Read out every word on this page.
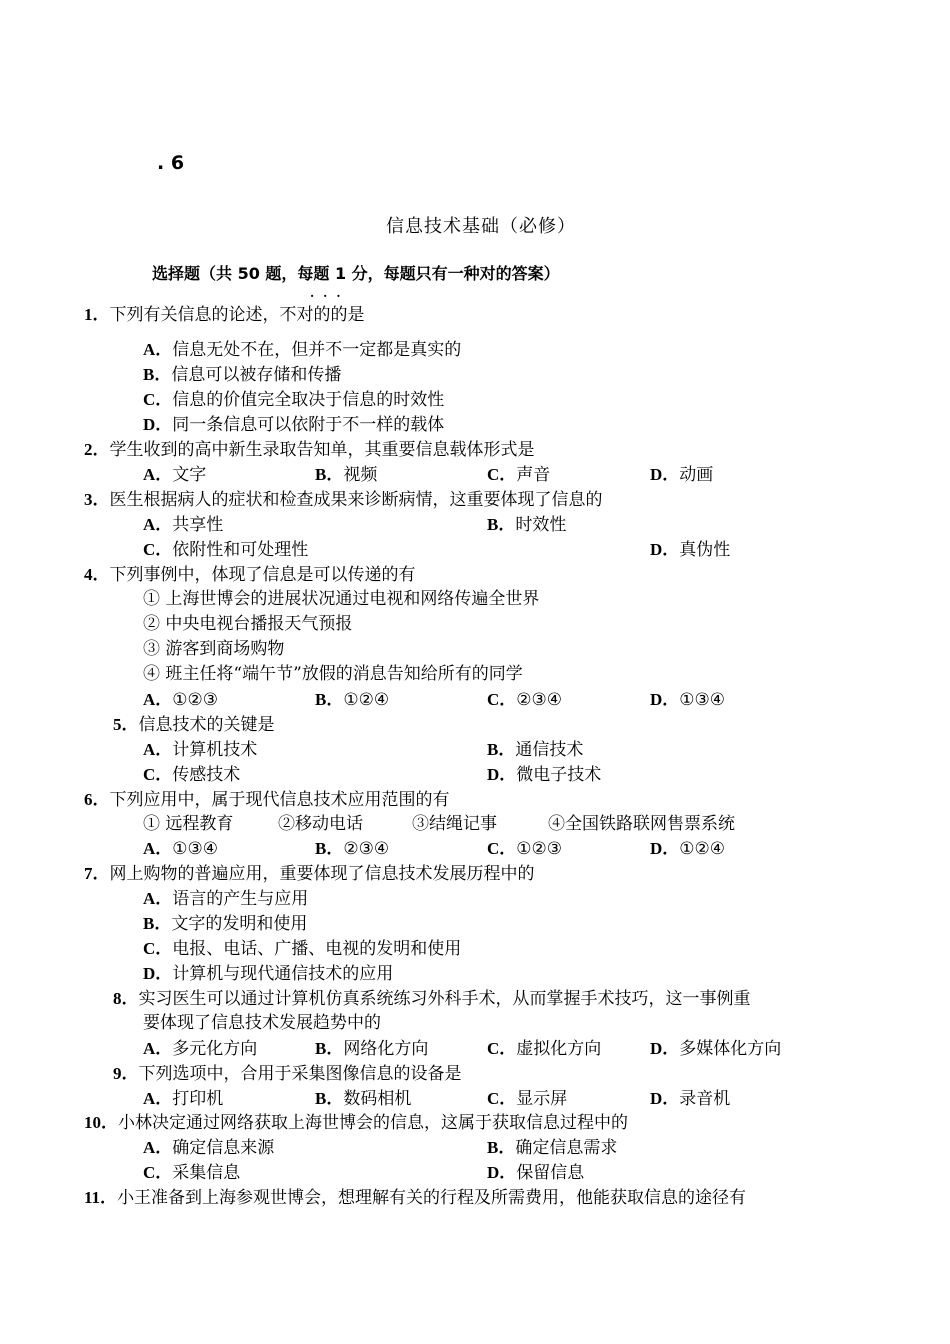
. 6
信息技术基础（必修）
选择题（共 50 题，每题 1 分，每题只有一种对的答案）
···
1．下列有关信息的论述，不对的的是
A．信息无处不在，但并不一定都是真实的
B．信息可以被存储和传播
C．信息的价值完全取决于信息的时效性
D．同一条信息可以依附于不一样的载体
2．学生收到的高中新生录取告知单，其重要信息载体形式是
A．文字	B．视频	C．声音	D．动画
3．医生根据病人的症状和检查成果来诊断病情，这重要体现了信息的
A．共享性	B．时效性
C．依附性和可处理性	D．真伪性
4．下列事例中，体现了信息是可以传递的有
① 上海世博会的进展状况通过电视和网络传遍全世界
② 中央电视台播报天气预报
③ 游客到商场购物
④ 班主任将“端午节”放假的消息告知给所有的同学
A．①②③	B．①②④	C．②③④	D．①③④
5．信息技术的关键是
A．计算机技术	B．通信技术
C．传感技术	D．微电子技术
6．下列应用中，属于现代信息技术应用范围的有
① 远程教育	②移动电话	③结绳记事	④全国铁路联网售票系统
A．①③④	B．②③④	C．①②③	D．①②④
7．网上购物的普遍应用，重要体现了信息技术发展历程中的
A．语言的产生与应用
B．文字的发明和使用
C．电报、电话、广播、电视的发明和使用
D．计算机与现代通信技术的应用
8．实习医生可以通过计算机仿真系统练习外科手术，从而掌握手术技巧，这一事例重
要体现了信息技术发展趋势中的
A．多元化方向	B．网络化方向	C．虚拟化方向	D．多媒体化方向
9．下列选项中，合用于采集图像信息的设备是
A．打印机	B．数码相机	C．显示屏	D．录音机
10．小林决定通过网络获取上海世博会的信息，这属于获取信息过程中的
A．确定信息来源	B．确定信息需求
C．采集信息	D．保留信息
11．小王准备到上海参观世博会，想理解有关的行程及所需费用，他能获取信息的途径有
